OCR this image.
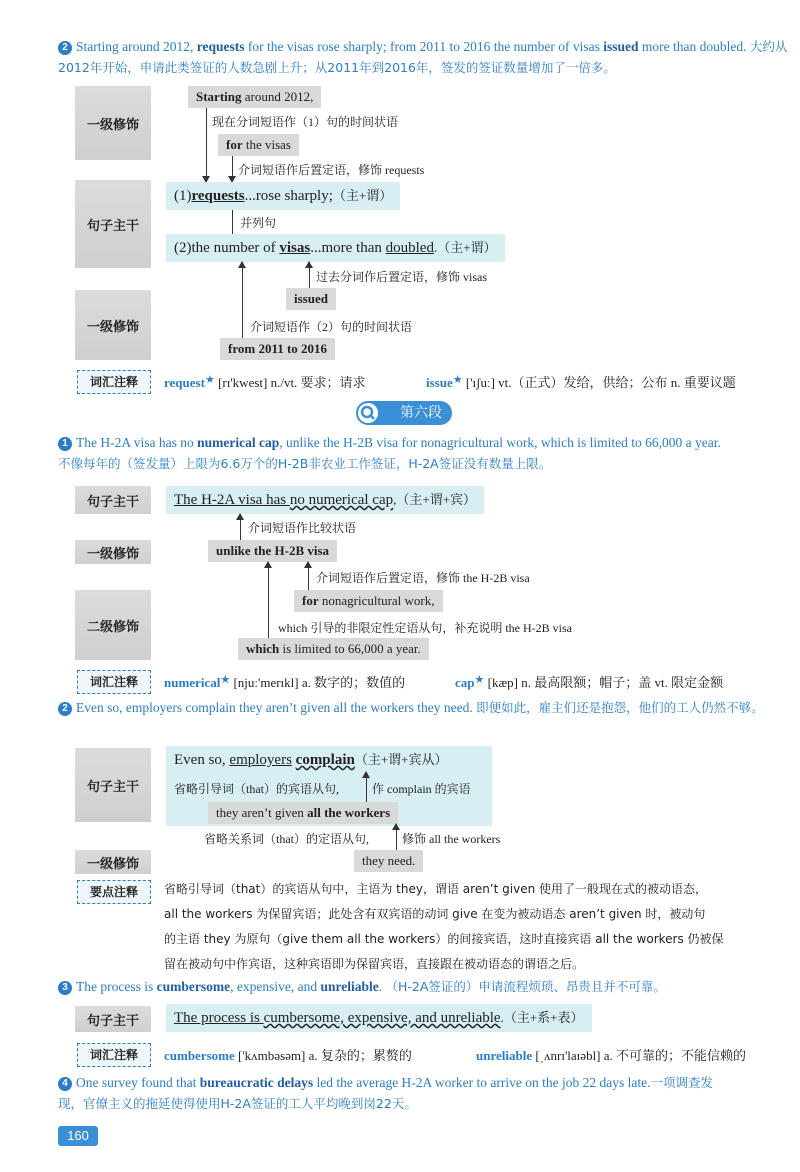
2 Starting around 2012, requests for the visas rose sharply; from 2011 to 2016 the number of visas issued more than doubled. 大约从2012年开始，申请此类签证的人数急剧上升；从2011年到2016年，签发的签证数量增加了一倍多。
一级修饰
句子主干
一级修饰
Starting around 2012,
现在分词短语作（1）句的时间状语
for the visas
介词短语作后置定语，修饰 requests
(1)requests...rose sharply;（主+谓）
并列句
(2)the number of visas...more than doubled.（主+谓）
过去分词作后置定语，修饰 visas
issued
介词短语作（2）句的时间状语
from 2011 to 2016
词汇注释	request★ [rɪ'kwest] n./vt. 要求；请求	issue★ ['ɪʃuː] vt.（正式）发给，供给；公布 n. 重要议题
第六段
1 The H-2A visa has no numerical cap, unlike the H-2B visa for nonagricultural work, which is limited to 66,000 a year.
不像每年的（签发量）上限为6.6万个的H-2B非农业工作签证，H-2A签证没有数量上限。
句子主干
一级修饰
二级修饰
The H-2A visa has no numerical cap,（主+谓+宾）
介词短语作比较状语
unlike the H-2B visa
介词短语作后置定语，修饰 the H-2B visa
for nonagricultural work,
which 引导的非限定性定语从句，补充说明 the H-2B visa
which is limited to 66,000 a year.
词汇注释	numerical★ [njuː'merɪkl] a. 数字的；数值的	cap★ [kæp] n. 最高限额；帽子；盖 vt. 限定金额
2 Even so, employers complain they aren’t given all the workers they need. 即便如此，雇主们还是抱怨，他们的工人仍然不够。
句子主干
一级修饰
Even so, employers complain（主+谓+宾从）
省略引导词（that）的宾语从句,	作 complain 的宾语
they aren’t given all the workers
省略关系词（that）的定语从句,	修饰 all the workers
they need.
要点注释	省略引导词（that）的宾语从句中，主语为 they，谓语 aren’t given 使用了一般现在式的被动语态，
all the workers 为保留宾语；此处含有双宾语的动词 give 在变为被动语态 aren’t given 时，被动句
的主语 they 为原句（give them all the workers）的间接宾语，这时直接宾语 all the workers 仍被保
留在被动句中作宾语，这种宾语即为保留宾语，直接跟在被动语态的谓语之后。
3 The process is cumbersome, expensive, and unreliable. （H-2A签证的）申请流程烦琐、昂贵且并不可靠。
句子主干	The process is cumbersome, expensive, and unreliable.（主+系+表）
词汇注释	cumbersome ['kʌmbəsəm] a. 复杂的；累赘的	unreliable [ˌʌnrɪ'laɪəbl] a. 不可靠的；不能信赖的
4 One survey found that bureaucratic delays led the average H-2A worker to arrive on the job 22 days late.一项调查发
现，官僚主义的拖延使得使用H-2A签证的工人平均晚到岗22天。
160
